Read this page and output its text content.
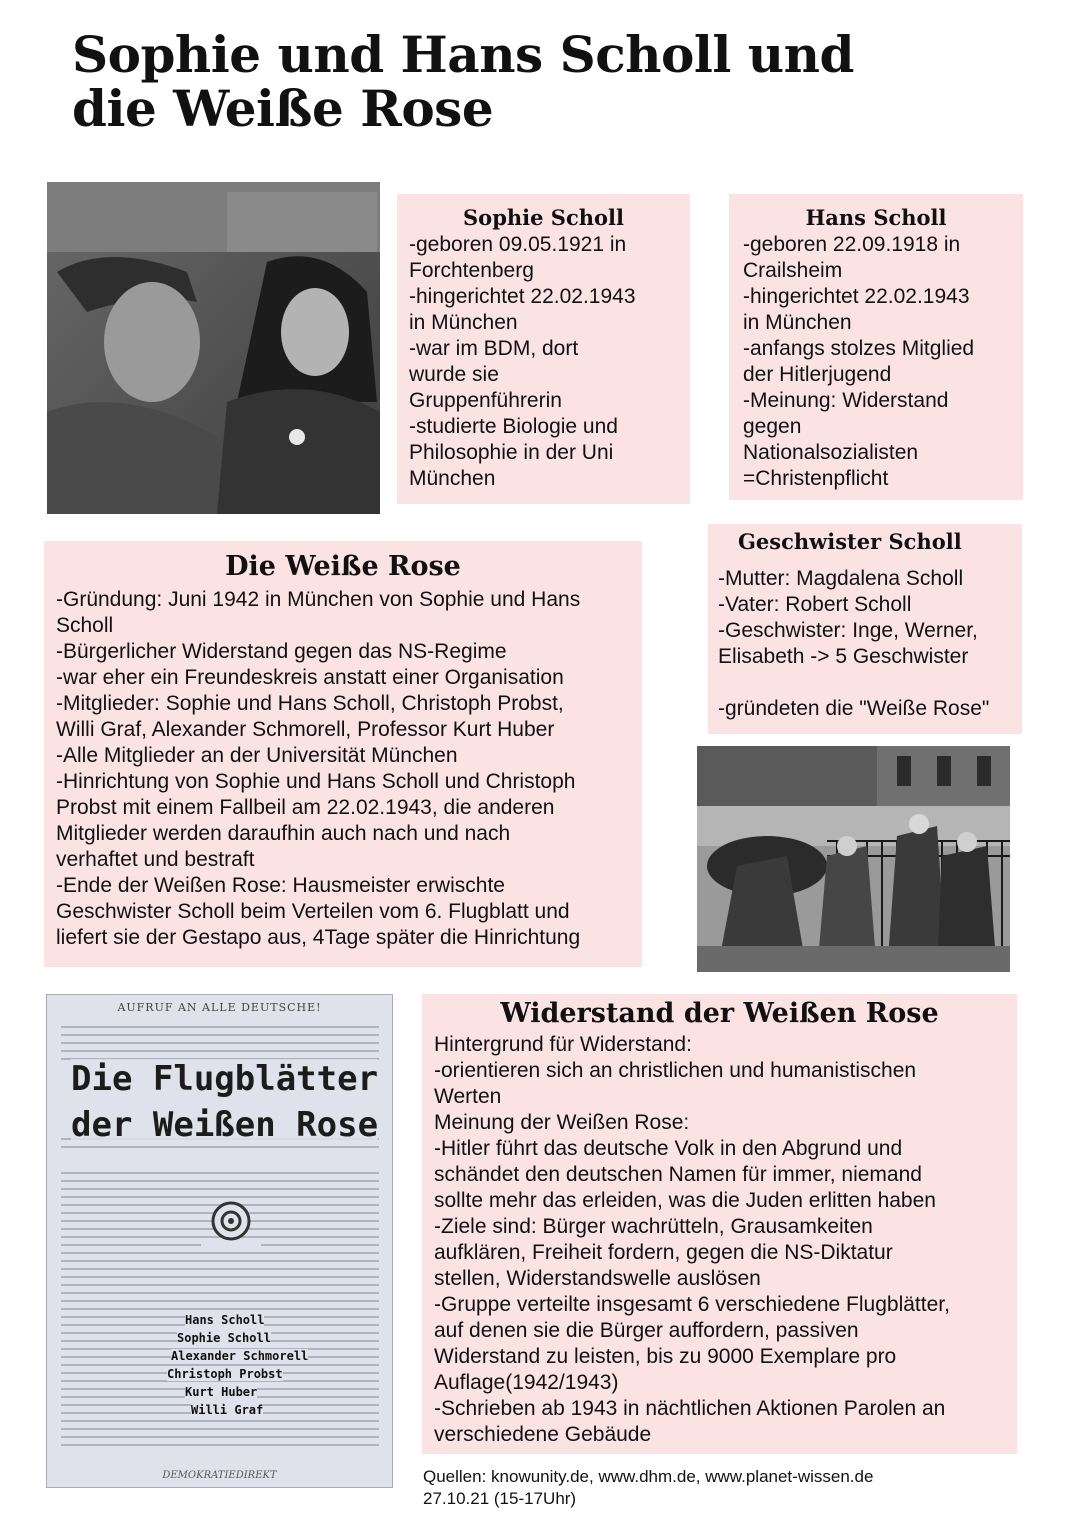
Sophie und Hans Scholl und die Weiße Rose
Sophie Scholl
-geboren 09.05.1921 in
Forchtenberg
-hingerichtet 22.02.1943
in München
-war im BDM, dort
wurde sie
Gruppenführerin
-studierte Biologie und
Philosophie in der Uni
München
Hans Scholl
-geboren 22.09.1918 in
Crailsheim
-hingerichtet 22.02.1943
in München
-anfangs stolzes Mitglied
der Hitlerjugend
-Meinung: Widerstand
gegen
Nationalsozialisten
=Christenpflicht
Geschwister Scholl
-Mutter: Magdalena Scholl
-Vater: Robert Scholl
-Geschwister: Inge, Werner,
Elisabeth -> 5 Geschwister
-gründeten die "Weiße Rose"
Die Weiße Rose
-Gründung: Juni 1942 in München von Sophie und Hans
Scholl
-Bürgerlicher Widerstand gegen das NS-Regime
-war eher ein Freundeskreis anstatt einer Organisation
-Mitglieder: Sophie und Hans Scholl, Christoph Probst,
Willi Graf, Alexander Schmorell, Professor Kurt Huber
-Alle Mitglieder an der Universität München
-Hinrichtung von Sophie und Hans Scholl und Christoph
Probst mit einem Fallbeil am 22.02.1943, die anderen
Mitglieder werden daraufhin auch nach und nach
verhaftet und bestraft
-Ende der Weißen Rose: Hausmeister erwischte
Geschwister Scholl beim Verteilen vom 6. Flugblatt und
liefert sie der Gestapo aus, 4Tage später die Hinrichtung
AUFRUF AN ALLE DEUTSCHE!
Die Flugblätter
der Weißen Rose
Hans Scholl
Sophie Scholl
Alexander Schmorell
Christoph Probst
Kurt Huber
Willi Graf
DEMOKRATIEDIREKT
Widerstand der Weißen Rose
Hintergrund für Widerstand:
-orientieren sich an christlichen und humanistischen
Werten
Meinung der Weißen Rose:
-Hitler führt das deutsche Volk in den Abgrund und
schändet den deutschen Namen für immer, niemand
sollte mehr das erleiden, was die Juden erlitten haben
-Ziele sind: Bürger wachrütteln, Grausamkeiten
aufklären, Freiheit fordern, gegen die NS-Diktatur
stellen, Widerstandswelle auslösen
-Gruppe verteilte insgesamt 6 verschiedene Flugblätter,
auf denen sie die Bürger auffordern, passiven
Widerstand zu leisten, bis zu 9000 Exemplare pro
Auflage(1942/1943)
-Schrieben ab 1943 in nächtlichen Aktionen Parolen an
verschiedene Gebäude
Quellen: knowunity.de, www.dhm.de, www.planet-wissen.de
27.10.21 (15-17Uhr)
